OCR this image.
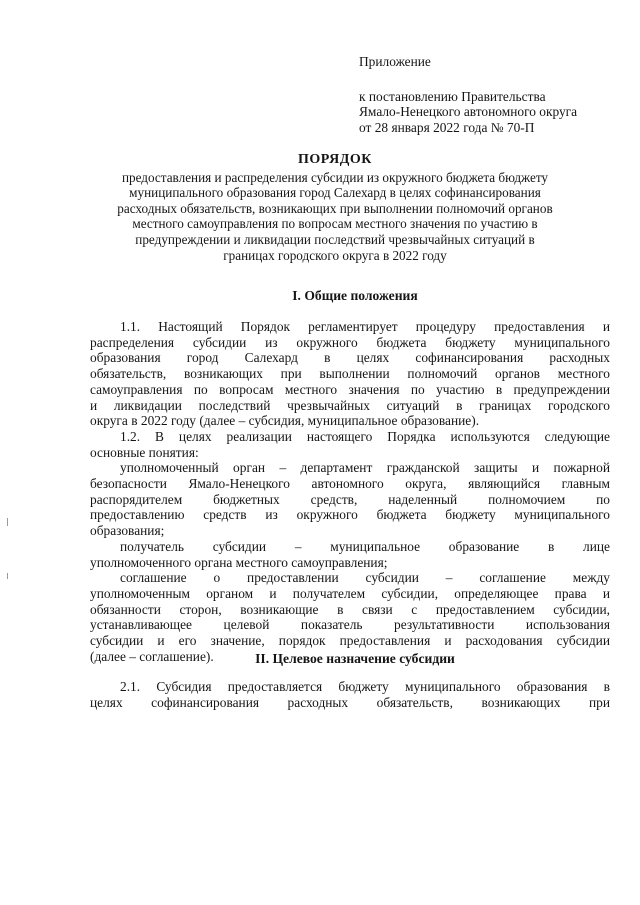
Приложение
к постановлению Правительства
Ямало-Ненецкого автономного округа
от 28 января 2022 года № 70-П
ПОРЯДОК
предоставления и распределения субсидии из окружного бюджета бюджету
муниципального образования город Салехард в целях софинансирования
расходных обязательств, возникающих при выполнении полномочий органов
местного самоуправления по вопросам местного значения по участию в
предупреждении и ликвидации последствий чрезвычайных ситуаций в
границах городского округа в 2022 году
I. Общие положения

1.1. Настоящий Порядок регламентирует процедуру предоставления и

распределения субсидии из окружного бюджета бюджету муниципального

образования город Салехард в целях софинансирования расходных

обязательств, возникающих при выполнении полномочий органов местного

самоуправления по вопросам местного значения по участию в предупреждении

и ликвидации последствий чрезвычайных ситуаций в границах городского

округа в 2022 году (далее – субсидия, муниципальное образование).

1.2. В целях реализации настоящего Порядка используются следующие

основные понятия:

уполномоченный орган – департамент гражданской защиты и пожарной

безопасности Ямало-Ненецкого автономного округа, являющийся главным

распорядителем бюджетных средств, наделенный полномочием по

предоставлению средств из окружного бюджета бюджету муниципального

образования;

получатель субсидии – муниципальное образование в лице

уполномоченного органа местного самоуправления;

соглашение о предоставлении субсидии – соглашение между

уполномоченным органом и получателем субсидии, определяющее права и

обязанности сторон, возникающие в связи с предоставлением субсидии,

устанавливающее целевой показатель результативности использования

субсидии и его значение, порядок предоставления и расходования субсидии

(далее – соглашение).	II. Целевое назначение субсидии

2.1. Субсидия предоставляется бюджету муниципального образования в

целях софинансирования расходных обязательств, возникающих при
